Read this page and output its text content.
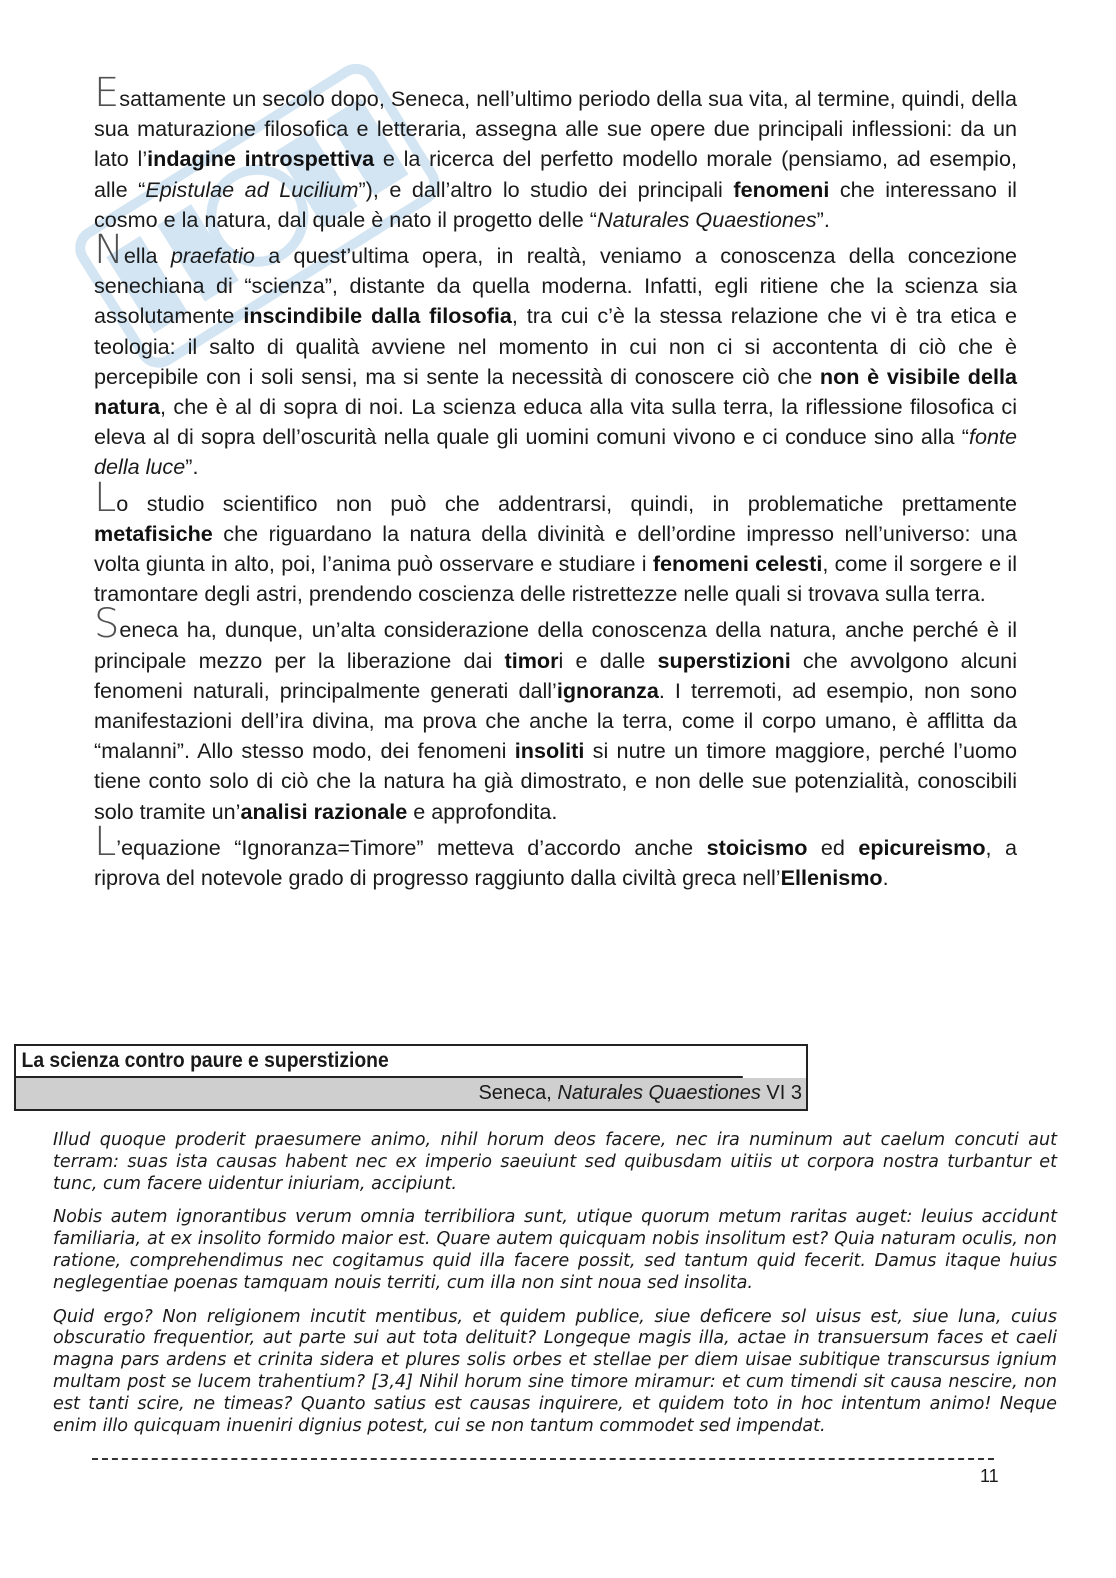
Esattamente un secolo dopo, Seneca, nell’ultimo periodo della sua vita, al termine, quindi, della sua maturazione filosofica e letteraria, assegna alle sue opere due principali inflessioni: da un lato l’indagine introspettiva e la ricerca del perfetto modello morale (pensiamo, ad esempio, alle “Epistulae ad Lucilium”), e dall’altro lo studio dei principali fenomeni che interessano il cosmo e la natura, dal quale è nato il progetto delle “Naturales Quaestiones”.

Nella praefatio a quest’ultima opera, in realtà, veniamo a conoscenza della concezione senechiana di “scienza”, distante da quella moderna. Infatti, egli ritiene che la scienza sia assolutamente inscindibile dalla filosofia, tra cui c’è la stessa relazione che vi è tra etica e teologia: il salto di qualità avviene nel momento in cui non ci si accontenta di ciò che è percepibile con i soli sensi, ma si sente la necessità di conoscere ciò che non è visibile della natura, che è al di sopra di noi. La scienza educa alla vita sulla terra, la riflessione filosofica ci eleva al di sopra dell’oscurità nella quale gli uomini comuni vivono e ci conduce sino alla “fonte della luce”.

Lo studio scientifico non può che addentrarsi, quindi, in problematiche prettamente metafisiche che riguardano la natura della divinità e dell’ordine impresso nell’universo: una volta giunta in alto, poi, l’anima può osservare e studiare i fenomeni celesti, come il sorgere e il tramontare degli astri, prendendo coscienza delle ristrettezze nelle quali si trovava sulla terra.

Seneca ha, dunque, un’alta considerazione della conoscenza della natura, anche perché è il principale mezzo per la liberazione dai timori e dalle superstizioni che avvolgono alcuni fenomeni naturali, principalmente generati dall’ignoranza. I terremoti, ad esempio, non sono manifestazioni dell’ira divina, ma prova che anche la terra, come il corpo umano, è afflitta da “malanni”. Allo stesso modo, dei fenomeni insoliti si nutre un timore maggiore, perché l’uomo tiene conto solo di ciò che la natura ha già dimostrato, e non delle sue potenzialità, conoscibili solo tramite un’analisi razionale e approfondita.

L’equazione “Ignoranza=Timore” metteva d’accordo anche stoicismo ed epicureismo, a riprova del notevole grado di progresso raggiunto dalla civiltà greca nell’Ellenismo.

La scienza contro paure e superstizione
Seneca, Naturales Quaestiones VI 3

Illud quoque proderit praesumere animo, nihil horum deos facere, nec ira numinum aut caelum concuti aut terram: suas ista causas habent nec ex imperio saeuiunt sed quibusdam uitiis ut corpora nostra turbantur et tunc, cum facere uidentur iniuriam, accipiunt.

Nobis autem ignorantibus verum omnia terribiliora sunt, utique quorum metum raritas auget: leuius accidunt familiaria, at ex insolito formido maior est. Quare autem quicquam nobis insolitum est? Quia naturam oculis, non ratione, comprehendimus nec cogitamus quid illa facere possit, sed tantum quid fecerit. Damus itaque huius neglegentiae poenas tamquam nouis territi, cum illa non sint noua sed insolita.

Quid ergo? Non religionem incutit mentibus, et quidem publice, siue deficere sol uisus est, siue luna, cuius obscuratio frequentior, aut parte sui aut tota delituit? Longeque magis illa, actae in transuersum faces et caeli magna pars ardens et crinita sidera et plures solis orbes et stellae per diem uisae subitique transcursus ignium multam post se lucem trahentium? [3,4] Nihil horum sine timore miramur: et cum timendi sit causa nescire, non est tanti scire, ne timeas? Quanto satius est causas inquirere, et quidem toto in hoc intentum animo! Neque enim illo quicquam inueniri dignius potest, cui se non tantum commodet sed impendat.

11
